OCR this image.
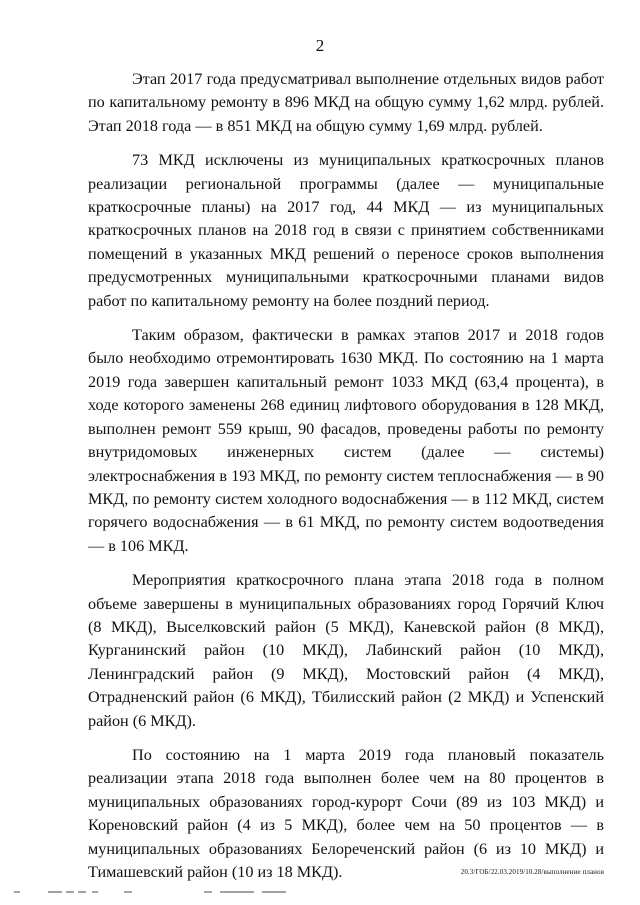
2

Этап 2017 года предусматривал выполнение отдельных видов работ по капитальному ремонту в 896 МКД на общую сумму 1,62 млрд. рублей. Этап 2018 года — в 851 МКД на общую сумму 1,69 млрд. рублей.

73 МКД исключены из муниципальных краткосрочных планов реализации региональной программы (далее — муниципальные краткосрочные планы) на 2017 год, 44 МКД — из муниципальных краткосрочных планов на 2018 год в связи с принятием собственниками помещений в указанных МКД решений о переносе сроков выполнения предусмотренных муниципальными краткосрочными планами видов работ по капитальному ремонту на более поздний период.

Таким образом, фактически в рамках этапов 2017 и 2018 годов было необходимо отремонтировать 1630 МКД. По состоянию на 1 марта 2019 года завершен капитальный ремонт 1033 МКД (63,4 процента), в ходе которого заменены 268 единиц лифтового оборудования в 128 МКД, выполнен ремонт 559 крыш, 90 фасадов, проведены работы по ремонту внутридомовых инженерных систем (далее — системы) электроснабжения в 193 МКД, по ремонту систем теплоснабжения — в 90 МКД, по ремонту систем холодного водоснабжения — в 112 МКД, систем горячего водоснабжения — в 61 МКД, по ремонту систем водоотведения — в 106 МКД.

Мероприятия краткосрочного плана этапа 2018 года в полном объеме завершены в муниципальных образованиях город Горячий Ключ (8 МКД), Выселковский район (5 МКД), Каневской район (8 МКД), Курганинский район (10 МКД), Лабинский район (10 МКД), Ленинградский район (9 МКД), Мостовский район (4 МКД), Отрадненский район (6 МКД), Тбилисский район (2 МКД) и Успенский район (6 МКД).

По состоянию на 1 марта 2019 года плановый показатель реализации этапа 2018 года выполнен более чем на 80 процентов в муниципальных образованиях город-курорт Сочи (89 из 103 МКД) и Кореновский район (4 из 5 МКД), более чем на 50 процентов — в муниципальных образованиях Белореченский район (6 из 10 МКД) и Тимашевский район (10 из 18 МКД).	20.3/ГОБ/22.03.2019/10.28/выполнение планов
